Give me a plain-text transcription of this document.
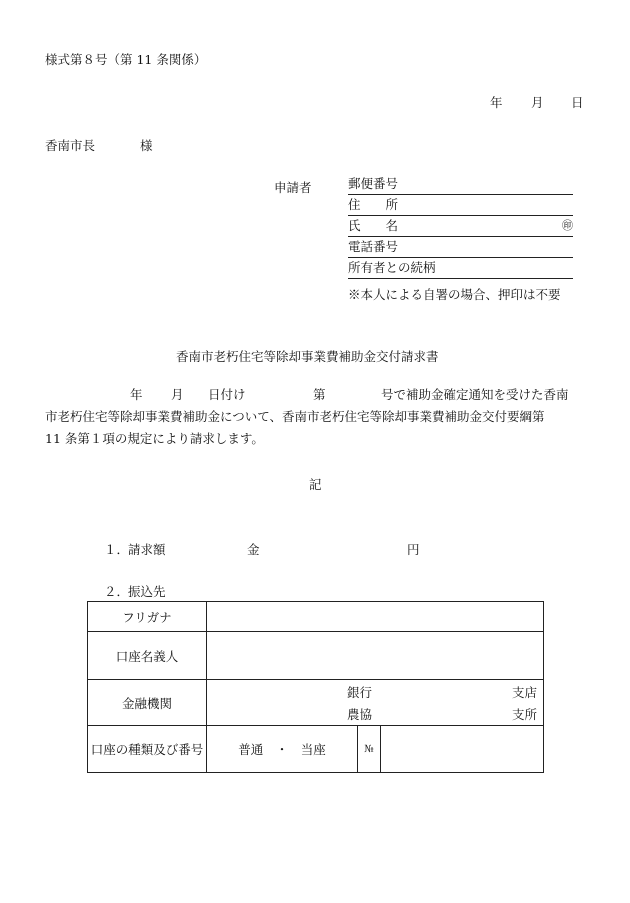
様式第８号（第 11 条関係）
年 月 日
香南市長	様
申請者	郵便番号
住　　所
氏　　名	㊞
電話番号
所有者との続柄
※本人による自署の場合、押印は不要
香南市老朽住宅等除却事業費補助金交付請求書
年 月 日付け	第	号で補助金確定通知を受けた香南
市老朽住宅等除却事業費補助金について、香南市老朽住宅等除却事業費補助金交付要綱第
11 条第１項の規定により請求します。
記
１．
請求額	金	円
２．
振込先
フリガナ			
口座名義人			
金融機関	銀行 支店
農協 支所		

口座の種類及び番号	普通　・　当座	№	
